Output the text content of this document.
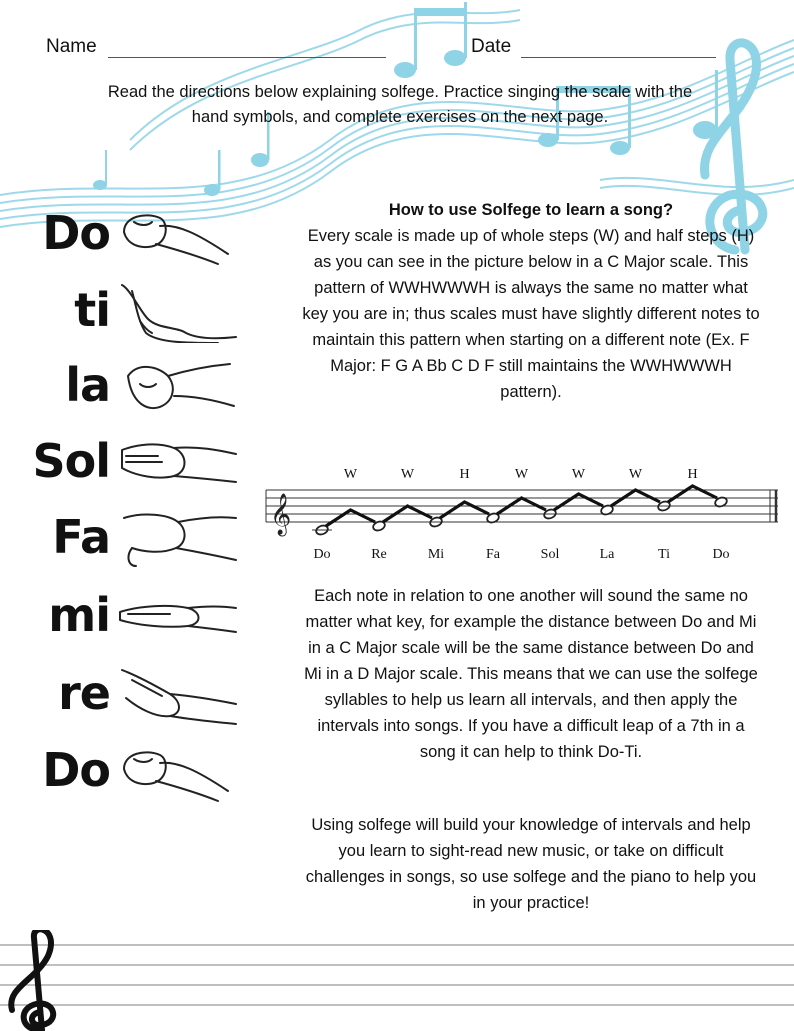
Name	Date
Read the directions below explaining solfege. Practice singing the scale with the hand symbols, and complete exercises on the next page.
Do
ti
la
Sol
Fa
mi
re
Do
How to use Solfege to learn a song?
Every scale is made up of whole steps (W) and half steps (H) as you can see in the picture below in a C Major scale. This pattern of WWHWWWH is always the same no matter what key you are in; thus scales must have slightly different notes to maintain this pattern when starting on a different note (Ex. F Major: F G A Bb C D F still maintains the WWHWWWH pattern).
𝄞
Do	Re	Mi	Fa	Sol	La	Ti	Do
W	W	H	W	W	W	H
Each note in relation to one another will sound the same no matter what key, for example the distance between Do and Mi in a C Major scale will be the same distance between Do and Mi in a D Major scale. This means that we can use the solfege syllables to help us learn all intervals, and then apply the intervals into songs. If you have a difficult leap of a 7th in a song it can help to think Do-Ti.
Using solfege will build your knowledge of intervals and help you learn to sight-read new music, or take on difficult challenges in songs, so use solfege and the piano to help you in your practice!
